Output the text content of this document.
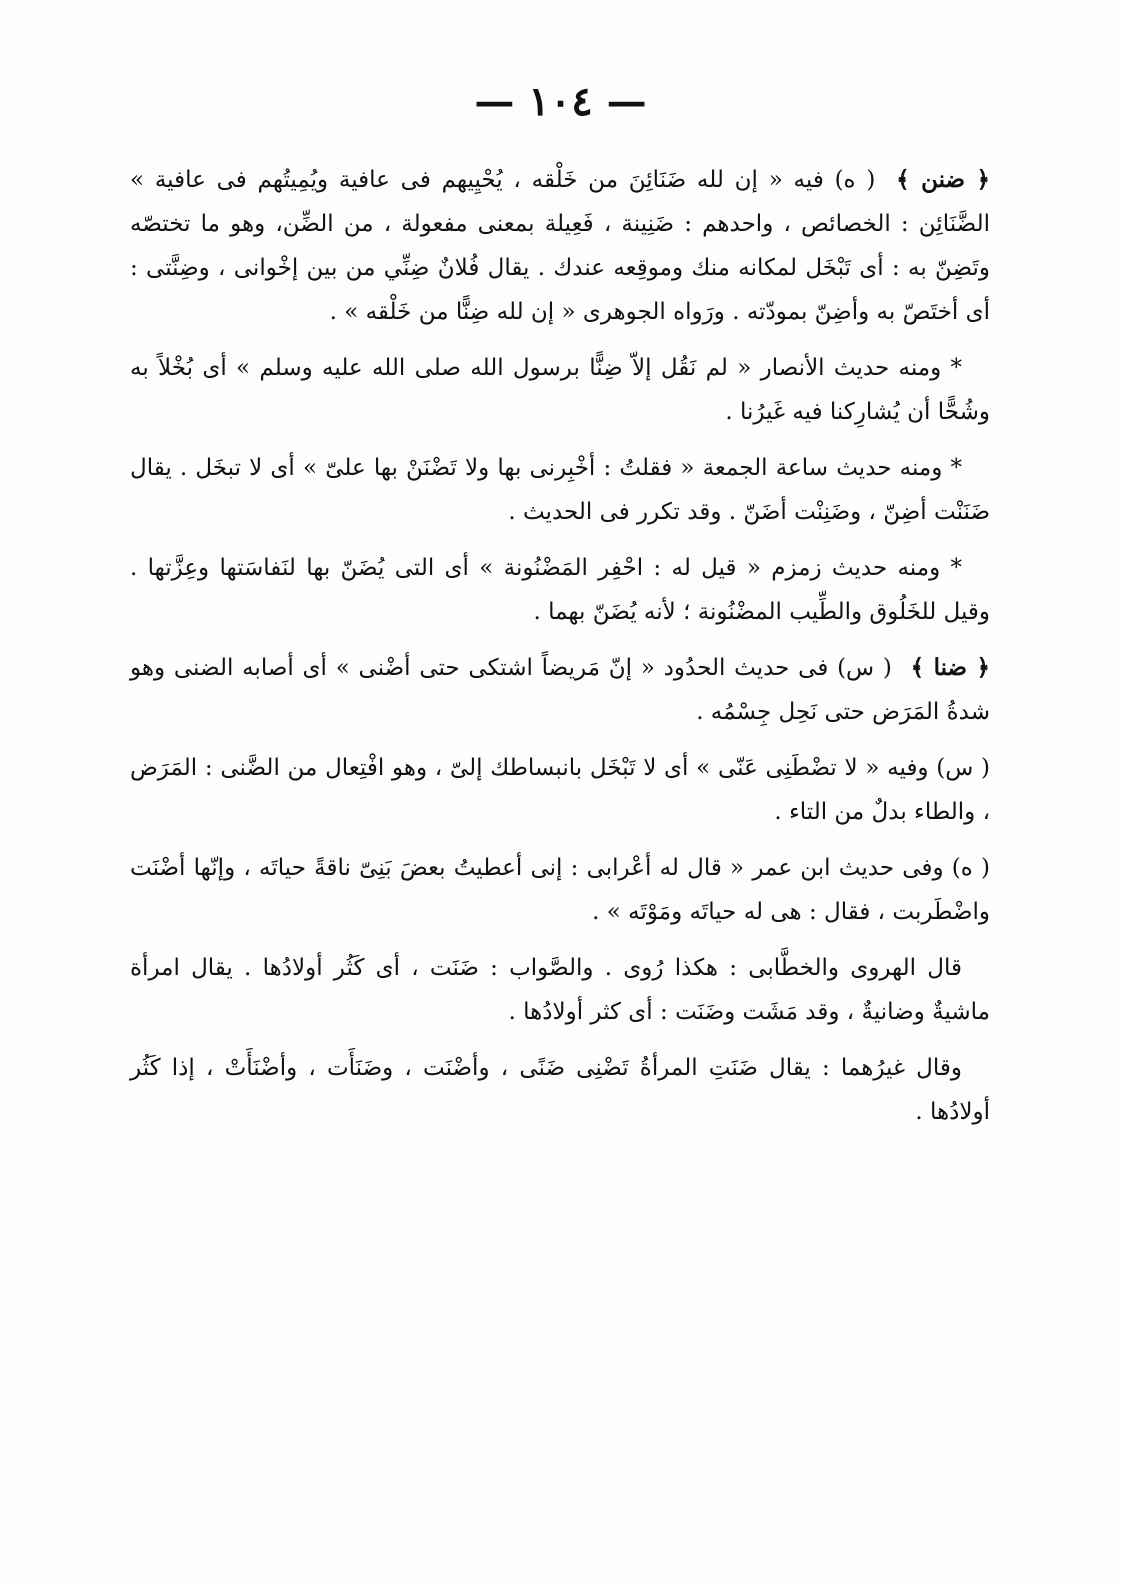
— ١٠٤ —

﴿ ضنن ﴾ ( ه) فيه « إن لله ضَنَائِنَ من خَلْقه ، يُحْيِيهم فى عافية ويُمِيتُهم فى عافية » الضَّنَائِن : الخصائص ، واحدهم : ضَنِينة ، فَعِيلة بمعنى مفعولة ، من الضِّن، وهو ما تختصّه وتَضِنّ به : أى تَبْخَل لمكانه منك وموقِعه عندك . يقال فُلانٌ ضِنِّي من بين إخْوانى ، وضِنَّتى : أى أختَصّ به وأضِنّ بمودّته . ورَواه الجوهرى « إن لله ضِنًّا من خَلْقه » .

* ومنه حديث الأنصار « لم نَقُل إلاّ ضِنًّا برسول الله صلى الله عليه وسلم » أى بُخْلاً به وشُحًّا أن يُشارِكنا فيه غَيرُنا .

* ومنه حديث ساعة الجمعة « فقلتُ : أخْبِرنى بها ولا تَضْنَنْ بها علىّ » أى لا تبخَل . يقال ضَنَنْت أضِنّ ، وضَنِنْت أضَنّ . وقد تكرر فى الحديث .

* ومنه حديث زمزم « قيل له : احْفِر المَضْنُونة » أى التى يُضَنّ بها لنَفاسَتها وعِزَّتها . وقيل للخَلُوق والطِّيب المضْنُونة ؛ لأنه يُضَنّ بهما .

﴿ ضنا ﴾ ( س) فى حديث الحدُود « إنّ مَريضاً اشتكى حتى أضْنى » أى أصابه الضنى وهو شدةُ المَرَض حتى نَحِل جِسْمُه .

( س) وفيه « لا تضْطَنِى عَنّى » أى لا تَبْخَل بانبساطك إلىّ ، وهو افْتِعال من الضَّنى : المَرَض ، والطاء بدلٌ من التاء .

( ه) وفى حديث ابن عمر « قال له أعْرابى : إنى أعطيتُ بعضَ بَنِىّ ناقةً حياتَه ، وإنّها أضْنَت واضْطَربت ، فقال : هى له حياتَه ومَوْتَه » .

قال الهروى والخطَّابى : هكذا رُوى . والصَّواب : ضَنَت ، أى كَثُر أولادُها . يقال امرأة ماشيةٌ وضانيةٌ ، وقد مَشَت وضَنَت : أى كثر أولادُها .

وقال غيرُهما : يقال ضَنَتِ المرأةُ تَضْنِى ضَنًى ، وأضْنَت ، وضَنَأَت ، وأضْنَأَتْ ، إذا كَثُر أولادُها .
